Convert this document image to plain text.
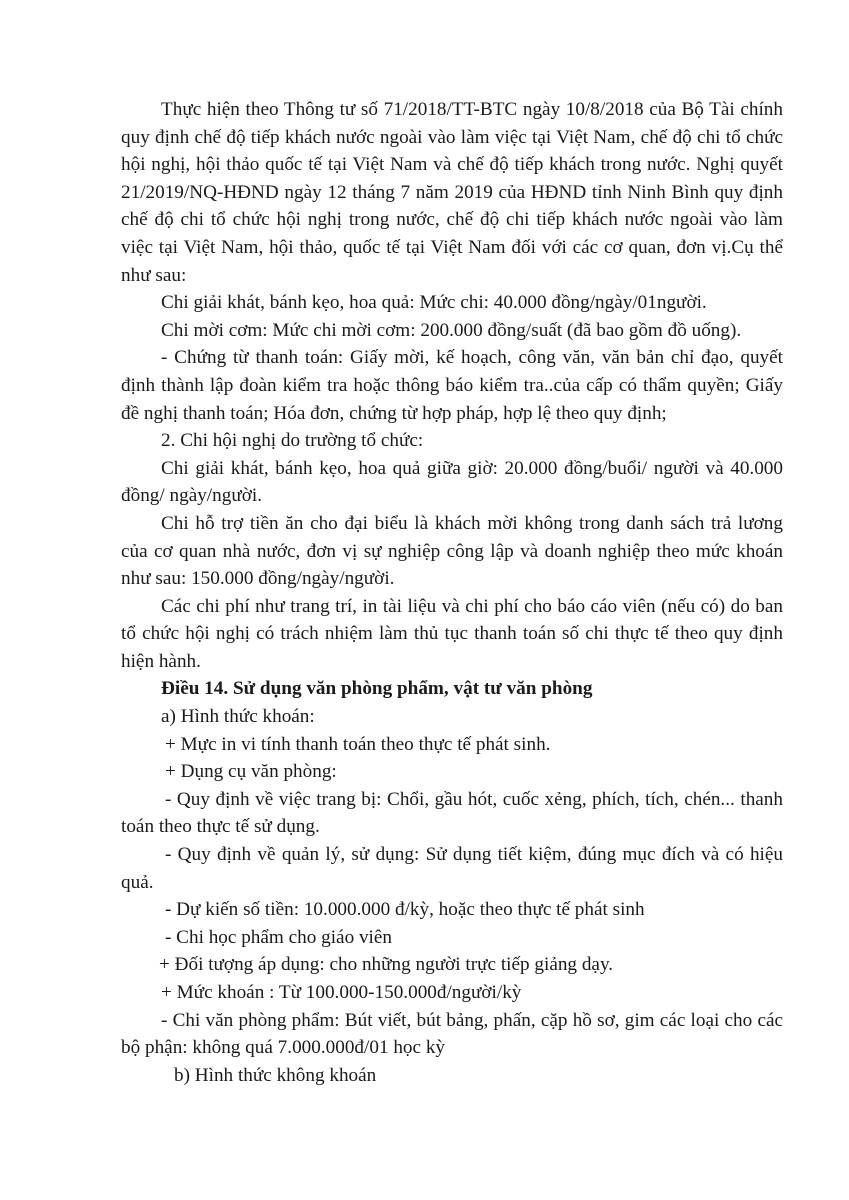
Thực hiện theo Thông tư số 71/2018/TT-BTC ngày 10/8/2018 của Bộ Tài chính quy định chế độ tiếp khách nước ngoài vào làm việc tại Việt Nam, chế độ chi tổ chức hội nghị, hội thảo quốc tế tại Việt Nam và chế độ tiếp khách trong nước. Nghị quyết 21/2019/NQ-HĐND ngày 12 tháng 7 năm 2019 của HĐND tỉnh Ninh Bình quy định chế độ chi tổ chức hội nghị trong nước, chế độ chi tiếp khách nước ngoài vào làm việc tại Việt Nam, hội thảo, quốc tế tại Việt Nam đối với các cơ quan, đơn vị.Cụ thể như sau:

Chi giải khát, bánh kẹo, hoa quả: Mức chi: 40.000 đồng/ngày/01người.

Chi mời cơm: Mức chi mời cơm: 200.000 đồng/suất (đã bao gồm đồ uống).

- Chứng từ thanh toán: Giấy mời, kế hoạch, công văn, văn bản chỉ đạo, quyết định thành lập đoàn kiểm tra hoặc thông báo kiểm tra..của cấp có thẩm quyền; Giấy đề nghị thanh toán; Hóa đơn, chứng từ hợp pháp, hợp lệ theo quy định;

2. Chi hội nghị do trường tổ chức:

Chi giải khát, bánh kẹo, hoa quả giữa giờ: 20.000 đồng/buổi/ người và 40.000 đồng/ ngày/người.

Chi hỗ trợ tiền ăn cho đại biểu là khách mời không trong danh sách trả lương của cơ quan nhà nước, đơn vị sự nghiệp công lập và doanh nghiệp theo mức khoán như sau: 150.000 đồng/ngày/người.

Các chi phí như trang trí, in tài liệu và chi phí cho báo cáo viên (nếu có) do ban tổ chức hội nghị có trách nhiệm làm thủ tục thanh toán số chi thực tế theo quy định hiện hành.

Điều 14. Sử dụng văn phòng phẩm, vật tư văn phòng

a) Hình thức khoán:

+ Mực in vi tính thanh toán theo thực tế phát sinh.

+ Dụng cụ văn phòng:

- Quy định về việc trang bị: Chổi, gầu hót, cuốc xẻng, phích, tích, chén... thanh toán theo thực tế sử dụng.

- Quy định về quản lý, sử dụng: Sử dụng tiết kiệm, đúng mục đích và có hiệu quả.

- Dự kiến số tiền: 10.000.000 đ/kỳ, hoặc theo thực tế phát sinh

- Chi học phẩm cho giáo viên

+ Đối tượng áp dụng: cho những người trực tiếp giảng dạy.

+ Mức khoán : Từ 100.000-150.000đ/người/kỳ

- Chi văn phòng phẩm: Bút viết, bút bảng, phấn, cặp hồ sơ, gim các loại cho các bộ phận: không quá 7.000.000đ/01 học kỳ

b) Hình thức không khoán
